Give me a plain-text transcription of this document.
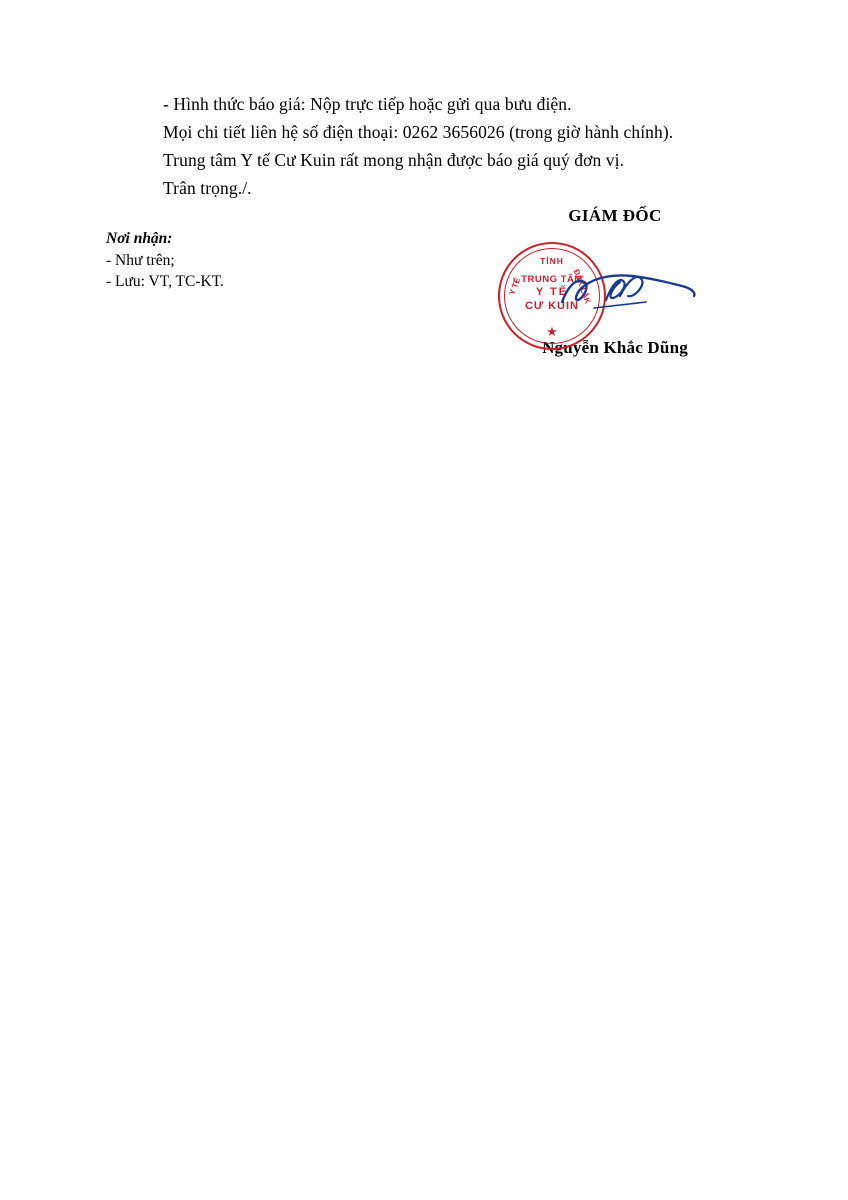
- Hình thức báo giá: Nộp trực tiếp hoặc gửi qua bưu điện.
Mọi chi tiết liên hệ số điện thoại: 0262 3656026 (trong giờ hành chính).
Trung tâm Y tế Cư Kuin rất mong nhận được báo giá quý đơn vị.
Trân trọng./.
Nơi nhận:
- Như trên;
- Lưu: VT, TC-KT.
GIÁM ĐỐC
TỈNH
Y TẾ	ĐẮK LẮK
TRUNG TÂM
Y TẾ
CƯ KUIN
★
Nguyễn Khắc Dũng
